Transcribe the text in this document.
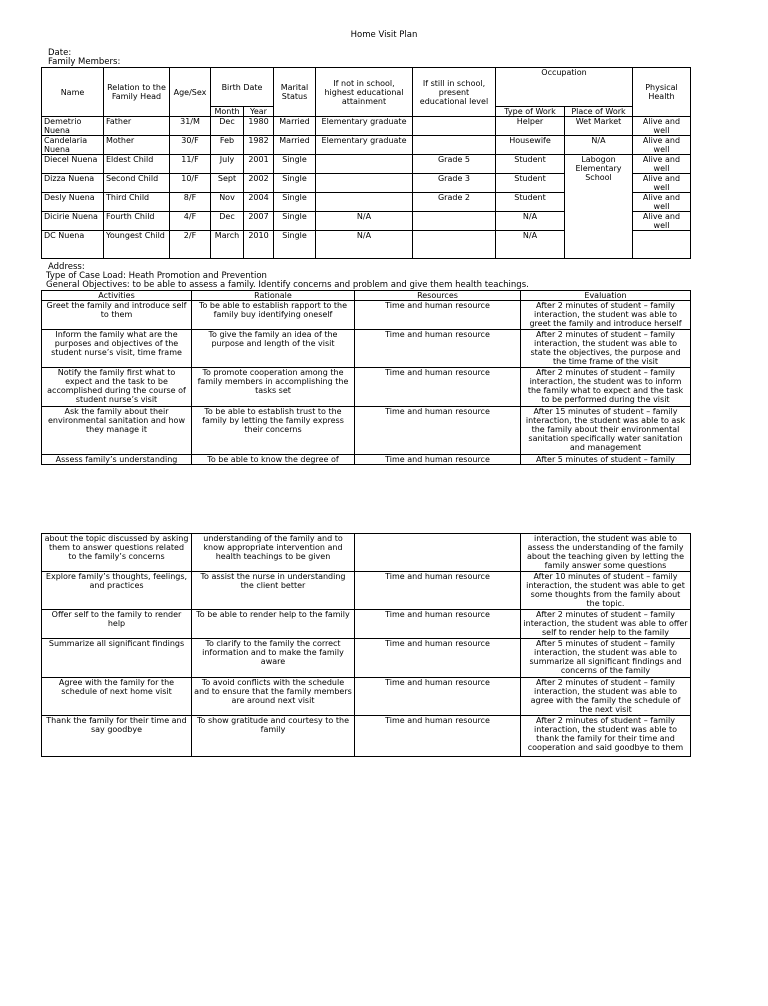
Home Visit Plan
Date:
Family Members:
Name	Relation to the Family Head	Age/Sex	Birth Date		Marital Status	If not in school, highest educational attainment	If still in school, present educational level	Occupation		Physical Health	
			Month	Year				Type of Work	Place of Work		
Demetrio Nuena	Father	31/M	Dec	1980	Married	Elementary graduate		Helper	Wet Market	Alive and well	
Candelaria Nuena	Mother	30/F	Feb	1982	Married	Elementary graduate		Housewife	N/A	Alive and well	
Diecel Nuena	Eldest Child	11/F	July	2001	Single		Grade 5	Student	Labogon Elementary School	Alive and well	
Dizza Nuena	Second Child	10/F	Sept	2002	Single		Grade 3	Student		Alive and well	
Desly Nuena	Third Child	8/F	Nov	2004	Single		Grade 2	Student		Alive and well	
Dicirie Nuena	Fourth Child	4/F	Dec	2007	Single	N/A		N/A		Alive and well	
DC Nuena	Youngest Child	2/F	March	2010	Single	N/A		N/A		
Address:
Type of Case Load: Heath Promotion and Prevention
General Objectives: to be able to assess a family. Identify concerns and problem and give them health teachings.
Activities	Rationale	Resources	Evaluation
Greet the family and introduce self to them	To be able to establish rapport to the family buy identifying oneself	Time and human resource	After 2 minutes of student – family interaction, the student was able to greet the family and introduce herself
Inform the family what are the purposes and objectives of the student nurse’s visit, time frame	To give the family an idea of the purpose and length of the visit	Time and human resource	After 2 minutes of student – family interaction, the student was able to state the objectives, the purpose and the time frame of the visit
Notify the family first what to expect and the task to be accomplished during the course of student nurse’s visit	To promote cooperation among the family members in accomplishing the tasks set	Time and human resource	After 2 minutes of student – family interaction, the student was to inform the family what to expect and the task to be performed during the visit
Ask the family about their environmental sanitation and how they manage it	To be able to establish trust to the family by letting the family express their concerns	Time and human resource	After 15 minutes of student – family interaction, the student was able to ask the family about their environmental sanitation specifically water sanitation and management
Assess family’s understanding	To be able to know the degree of	Time and human resource	After 5 minutes of student – family
about the topic discussed by asking them to answer questions related to the family’s concerns	understanding of the family and to know appropriate intervention and health teachings to be given		interaction, the student was able to assess the understanding of the family about the teaching given by letting the family answer some questions
Explore family’s thoughts, feelings, and practices	To assist the nurse in understanding the client better	Time and human resource	After 10 minutes of student – family interaction, the student was able to get some thoughts from the family about the topic.
Offer self to the family to render help	To be able to render help to the family	Time and human resource	After 2 minutes of student – family interaction, the student was able to offer self to render help to the family
Summarize all significant findings	To clarify to the family the correct information and to make the family aware	Time and human resource	After 5 minutes of student – family interaction, the student was able to summarize all significant findings and concerns of the family
Agree with the family for the schedule of next home visit	To avoid conflicts with the schedule and to ensure that the family members are around next visit	Time and human resource	After 2 minutes of student – family interaction, the student was able to agree with the family the schedule of the next visit
Thank the family for their time and say goodbye	To show gratitude and courtesy to the family	Time and human resource	After 2 minutes of student – family interaction, the student was able to thank the family for their time and cooperation and said goodbye to them
